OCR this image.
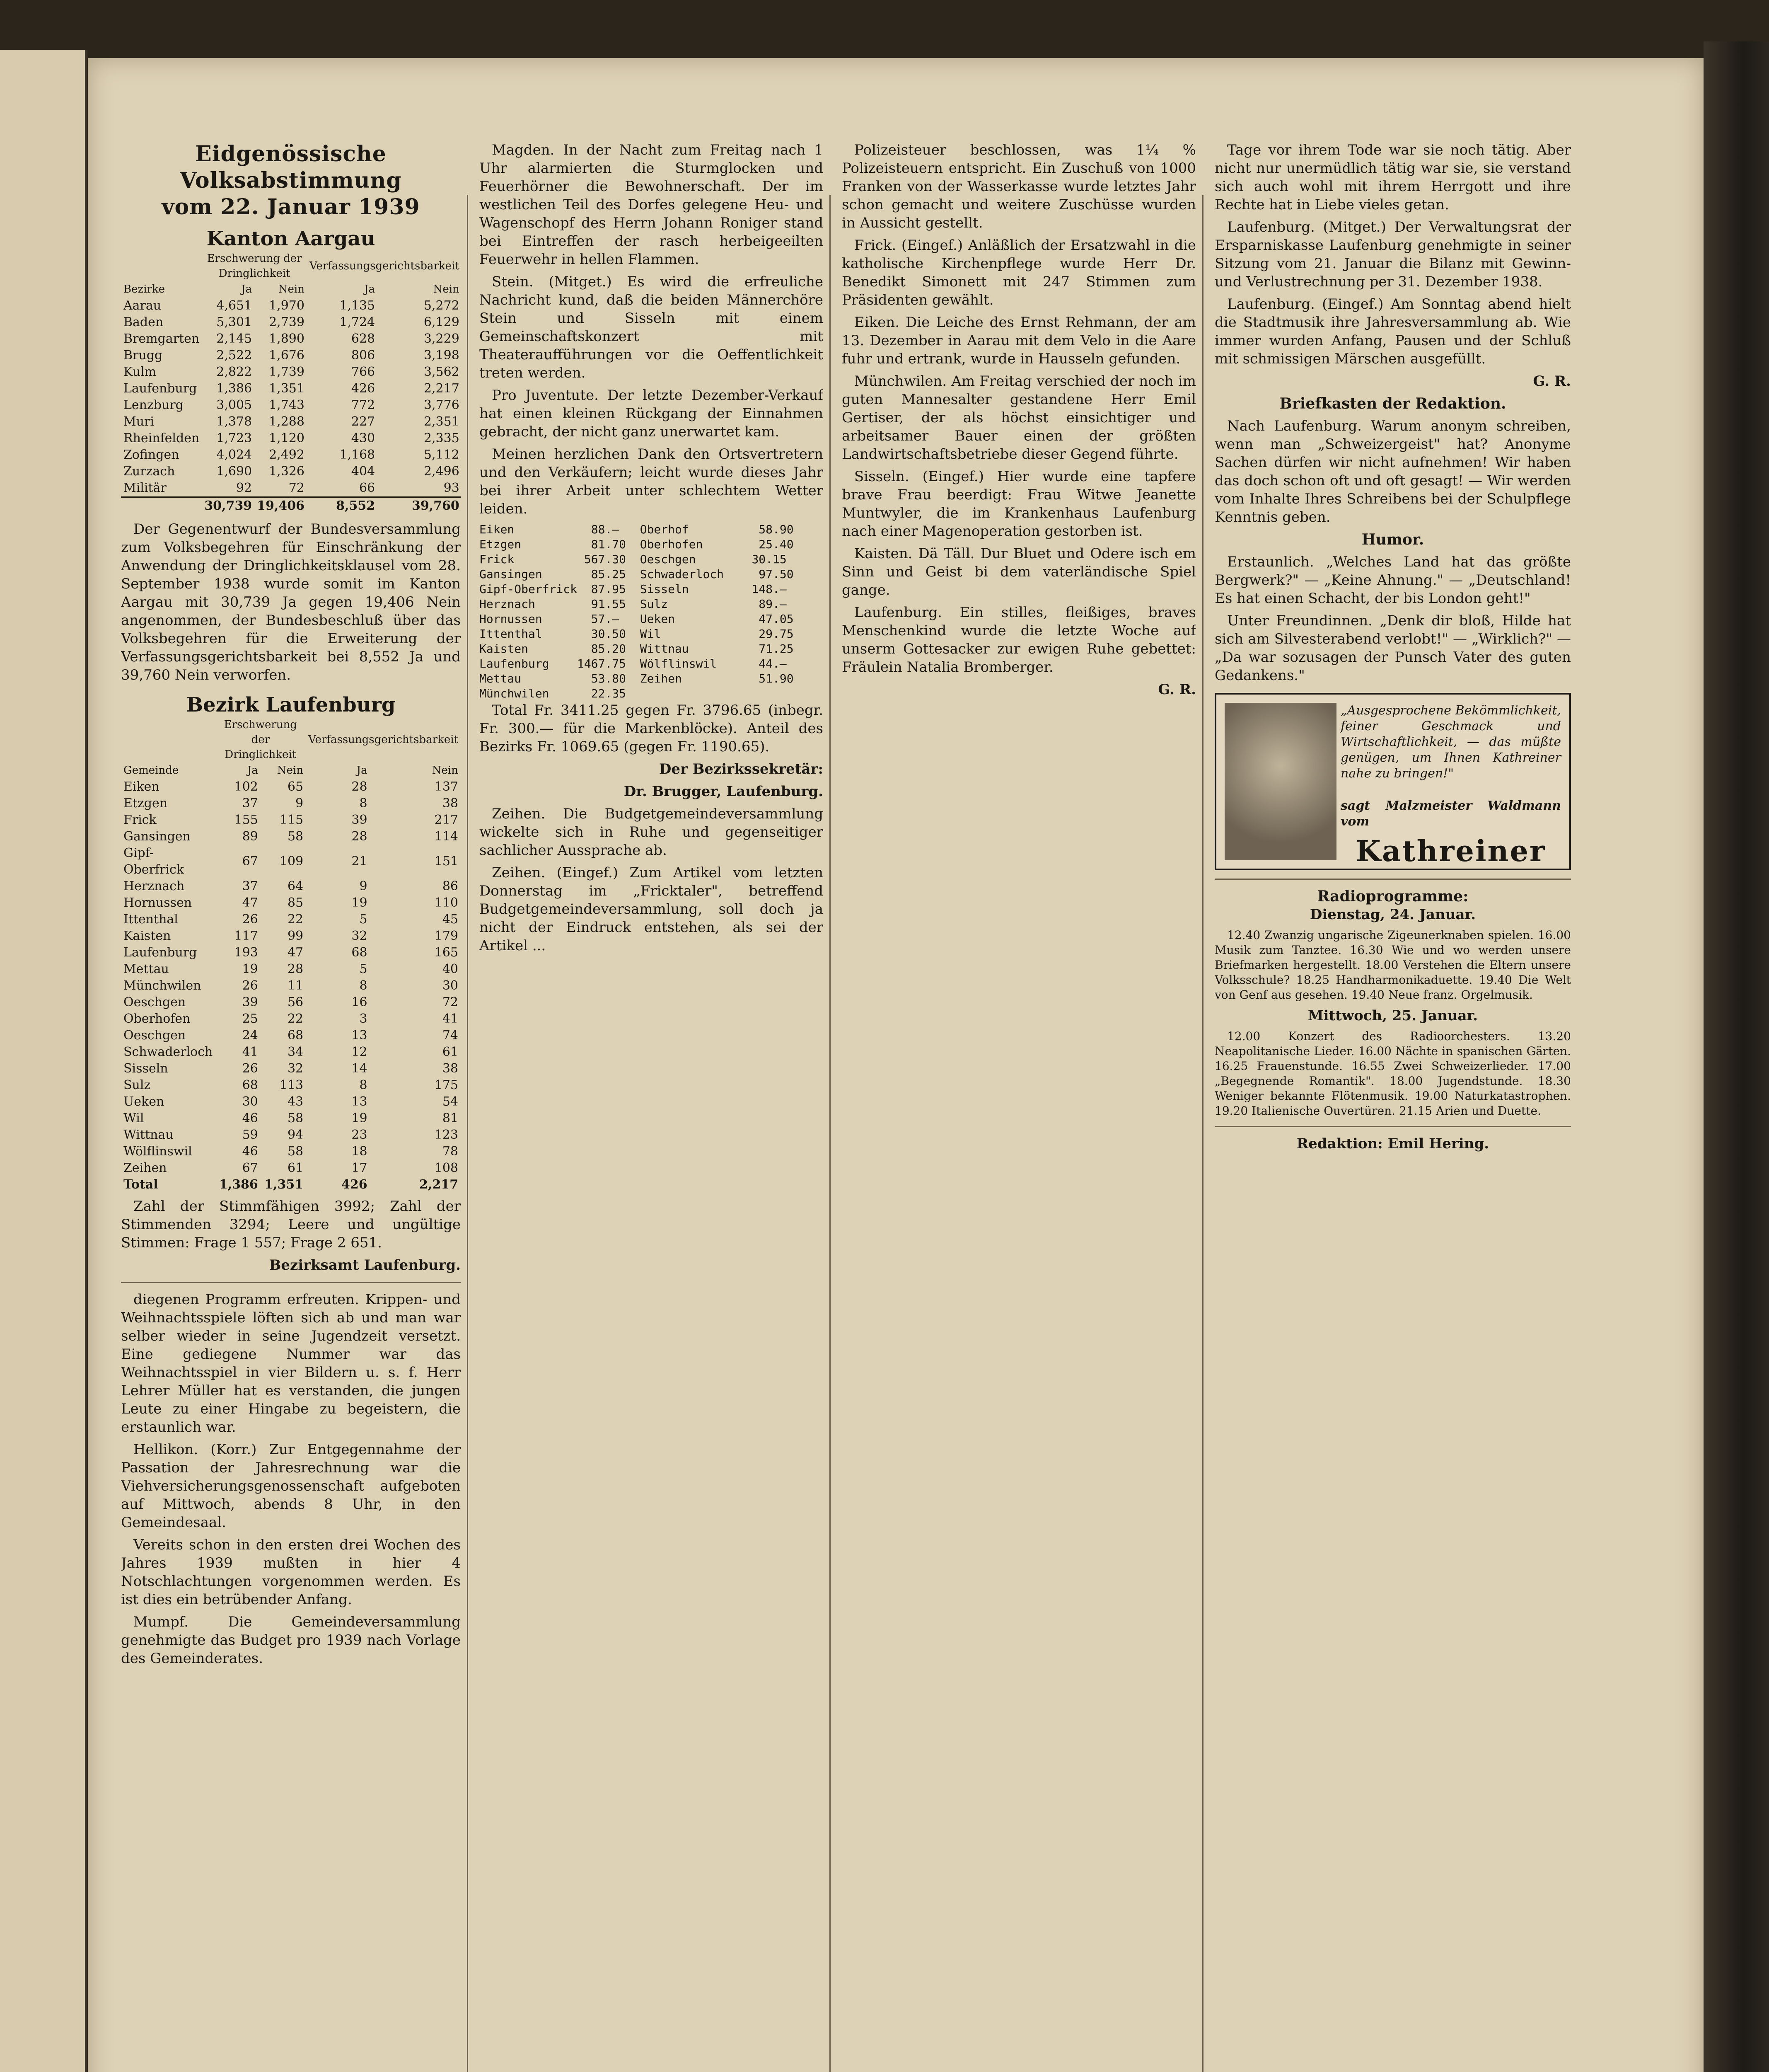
Eidgenössische Volksabstimmung
vom 22. Januar 1939
Kanton Aargau
	Erschwerung der Dringlichkeit		Verfassungsgerichtsbarkeit	
Bezirke	Ja	Nein	Ja	Nein
Aarau	4,651	1,970	1,135	5,272
Baden	5,301	2,739	1,724	6,129
Bremgarten	2,145	1,890	628	3,229
Brugg	2,522	1,676	806	3,198
Kulm	2,822	1,739	766	3,562
Laufenburg	1,386	1,351	426	2,217
Lenzburg	3,005	1,743	772	3,776
Muri	1,378	1,288	227	2,351
Rheinfelden	1,723	1,120	430	2,335
Zofingen	4,024	2,492	1,168	5,112
Zurzach	1,690	1,326	404	2,496
Militär	92	72	66	93
	30,739	19,406	8,552	39,760

Der Gegenentwurf der Bundesversammlung zum Volksbegehren für Einschränkung der Anwendung der Dringlichkeitsklausel vom 28. September 1938 wurde somit im Kanton Aargau mit 30,739 Ja gegen 19,406 Nein angenommen, der Bundesbeschluß über das Volksbegehren für die Erweiterung der Verfassungsgerichtsbarkeit bei 8,552 Ja und 39,760 Nein verworfen.

Bezirk Laufenburg
	Erschwerung der Dringlichkeit		Verfassungsgerichtsbarkeit	
Gemeinde	Ja	Nein	Ja	Nein
Eiken	102	65	28	137
Etzgen	37	9	8	38
Frick	155	115	39	217
Gansingen	89	58	28	114
Gipf-Oberfrick	67	109	21	151
Herznach	37	64	9	86
Hornussen	47	85	19	110
Ittenthal	26	22	5	45
Kaisten	117	99	32	179
Laufenburg	193	47	68	165
Mettau	19	28	5	40
Münchwilen	26	11	8	30
Oeschgen	39	56	16	72
Oberhofen	25	22	3	41
Oeschgen	24	68	13	74
Schwaderloch	41	34	12	61
Sisseln	26	32	14	38
Sulz	68	113	8	175
Ueken	30	43	13	54
Wil	46	58	19	81
Wittnau	59	94	23	123
Wölflinswil	46	58	18	78
Zeihen	67	61	17	108
Total	1,386	1,351	426	2,217

Zahl der Stimmfähigen 3992; Zahl der Stimmenden 3294; Leere und ungültige Stimmen: Frage 1 557; Frage 2 651.

Bezirksamt Laufenburg.

diegenen Programm erfreuten. Krippen- und Weihnachtsspiele löften sich ab und man war selber wieder in seine Jugendzeit versetzt. Eine gediegene Nummer war das Weihnachtsspiel in vier Bildern u. s. f. Herr Lehrer Müller hat es verstanden, die jungen Leute zu einer Hingabe zu begeistern, die erstaunlich war.

Hellikon. (Korr.) Zur Entgegennahme der Passation der Jahresrechnung war die Viehversicherungsgenossenschaft aufgeboten auf Mittwoch, abends 8 Uhr, in den Gemeindesaal.

Vereits schon in den ersten drei Wochen des Jahres 1939 mußten in hier 4 Notschlachtungen vorgenommen werden. Es ist dies ein betrübender Anfang.

Mumpf. Die Gemeindeversammlung genehmigte das Budget pro 1939 nach Vorlage des Gemeinderates.

Magden. In der Nacht zum Freitag nach 1 Uhr alarmierten die Sturmglocken und Feuerhörner die Bewohnerschaft. Der im westlichen Teil des Dorfes gelegene Heu- und Wagenschopf des Herrn Johann Roniger stand bei Eintreffen der rasch herbeigeeilten Feuerwehr in hellen Flammen.

Stein. (Mitget.) Es wird die erfreuliche Nachricht kund, daß die beiden Männerchöre Stein und Sisseln mit einem Gemeinschaftskonzert mit Theateraufführungen vor die Oeffentlichkeit treten werden.

Pro Juventute. Der letzte Dezember-Verkauf hat einen kleinen Rückgang der Einnahmen gebracht, der nicht ganz unerwartet kam.

Meinen herzlichen Dank den Ortsvertretern und den Verkäufern; leicht wurde dieses Jahr bei ihrer Arbeit unter schlechtem Wetter leiden.

Eiken           88.—   Oberhof          58.90
Etzgen          81.70  Oberhofen        25.40
Frick          567.30  Oeschgen        30.15
Gansingen       85.25  Schwaderloch     97.50
Gipf-Oberfrick  87.95  Sisseln         148.—
Herznach        91.55  Sulz             89.—
Hornussen       57.—   Ueken            47.05
Ittenthal       30.50  Wil              29.75
Kaisten         85.20  Wittnau          71.25
Laufenburg    1467.75  Wölflinswil      44.—
Mettau          53.80  Zeihen           51.90
Münchwilen      22.35

Total Fr. 3411.25 gegen Fr. 3796.65 (inbegr. Fr. 300.— für die Markenblöcke). Anteil des Bezirks Fr. 1069.65 (gegen Fr. 1190.65).

Der Bezirkssekretär:

Dr. Brugger, Laufenburg.

Zeihen. Die Budgetgemeindeversammlung wickelte sich in Ruhe und gegenseitiger sachlicher Aussprache ab.

Zeihen. (Eingef.) Zum Artikel vom letzten Donnerstag im „Fricktaler", betreffend Budgetgemeindeversammlung, soll doch ja nicht der Eindruck entstehen, als sei der Artikel ...

Polizeisteuer beschlossen, was 1¼ % Polizeisteuern entspricht. Ein Zuschuß von 1000 Franken von der Wasserkasse wurde letztes Jahr schon gemacht und weitere Zuschüsse wurden in Aussicht gestellt.

Frick. (Eingef.) Anläßlich der Ersatzwahl in die katholische Kirchenpflege wurde Herr Dr. Benedikt Simonett mit 247 Stimmen zum Präsidenten gewählt.

Eiken. Die Leiche des Ernst Rehmann, der am 13. Dezember in Aarau mit dem Velo in die Aare fuhr und ertrank, wurde in Hausseln gefunden.

Münchwilen. Am Freitag verschied der noch im guten Mannesalter gestandene Herr Emil Gertiser, der als höchst einsichtiger und arbeitsamer Bauer einen der größten Landwirtschaftsbetriebe dieser Gegend führte.

Sisseln. (Eingef.) Hier wurde eine tapfere brave Frau beerdigt: Frau Witwe Jeanette Muntwyler, die im Krankenhaus Laufenburg nach einer Magenoperation gestorben ist.

Kaisten. Dä Täll. Dur Bluet und Odere isch em Sinn und Geist bi dem vaterländische Spiel gange.

Laufenburg. Ein stilles, fleißiges, braves Menschenkind wurde die letzte Woche auf unserm Gottesacker zur ewigen Ruhe gebettet: Fräulein Natalia Bromberger.

G. R.

Tage vor ihrem Tode war sie noch tätig. Aber nicht nur unermüdlich tätig war sie, sie verstand sich auch wohl mit ihrem Herrgott und ihre Rechte hat in Liebe vieles getan.

Laufenburg. (Mitget.) Der Verwaltungsrat der Ersparniskasse Laufenburg genehmigte in seiner Sitzung vom 21. Januar die Bilanz mit Gewinn- und Verlustrechnung per 31. Dezember 1938.

Laufenburg. (Eingef.) Am Sonntag abend hielt die Stadtmusik ihre Jahresversammlung ab. Wie immer wurden Anfang, Pausen und der Schluß mit schmissigen Märschen ausgefüllt.

G. R.

Briefkasten der Redaktion.

Nach Laufenburg. Warum anonym schreiben, wenn man „Schweizergeist" hat? Anonyme Sachen dürfen wir nicht aufnehmen! Wir haben das doch schon oft und oft gesagt! — Wir werden vom Inhalte Ihres Schreibens bei der Schulpflege Kenntnis geben.

Humor.

Erstaunlich. „Welches Land hat das größte Bergwerk?" — „Keine Ahnung." — „Deutschland! Es hat einen Schacht, der bis London geht!"

Unter Freundinnen. „Denk dir bloß, Hilde hat sich am Silvesterabend verlobt!" — „Wirklich?" — „Da war sozusagen der Punsch Vater des guten Gedankens."

„Ausgesprochene Bekömmlichkeit, feiner Geschmack und Wirtschaftlichkeit, — das müßte genügen, um Ihnen Kathreiner nahe zu bringen!"
sagt Malzmeister Waldmann vom
Kathreiner
Radioprogramme:

Dienstag, 24. Januar.

12.40 Zwanzig ungarische Zigeunerknaben spielen. 16.00 Musik zum Tanztee. 16.30 Wie und wo werden unsere Briefmarken hergestellt. 18.00 Verstehen die Eltern unsere Volksschule? 18.25 Handharmonikaduette. 19.40 Die Welt von Genf aus gesehen. 19.40 Neue franz. Orgelmusik.

Mittwoch, 25. Januar.

12.00 Konzert des Radioorchesters. 13.20 Neapolitanische Lieder. 16.00 Nächte in spanischen Gärten. 16.25 Frauenstunde. 16.55 Zwei Schweizerlieder. 17.00 „Begegnende Romantik". 18.00 Jugendstunde. 18.30 Weniger bekannte Flötenmusik. 19.00 Naturkatastrophen. 19.20 Italienische Ouvertüren. 21.15 Arien und Duette.

Redaktion: Emil Hering.
